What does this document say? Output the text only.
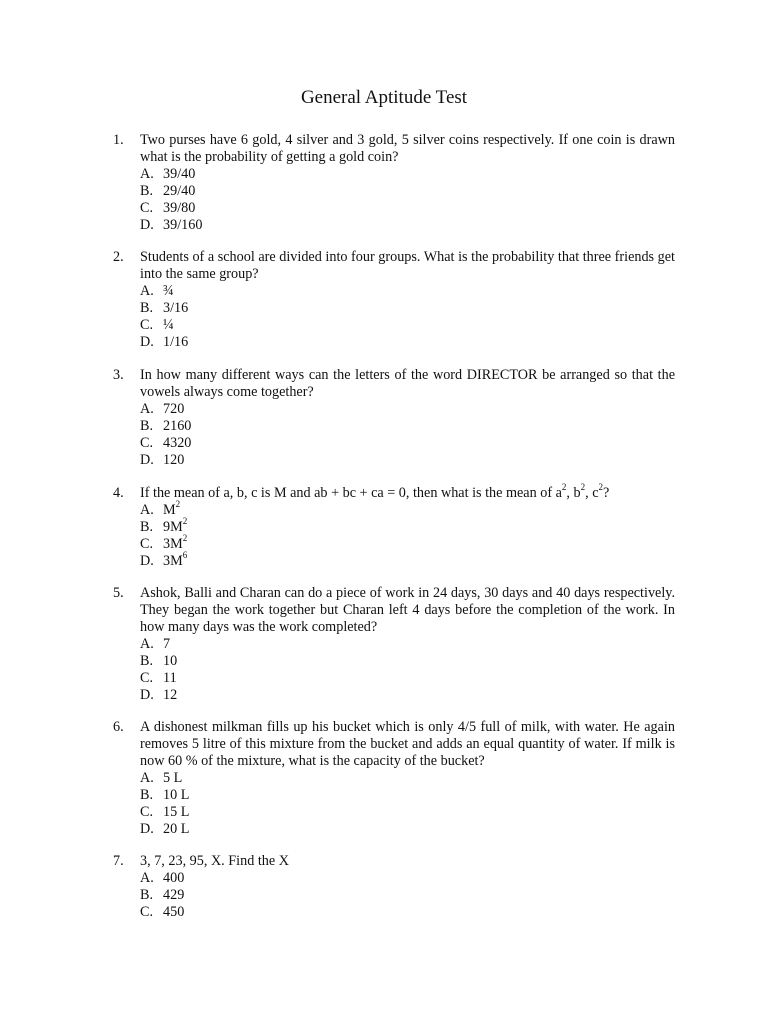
General Aptitude Test
1.	Two purses have 6 gold, 4 silver and 3 gold, 5 silver coins respectively. If one coin is drawn what is the probability of getting a gold coin?
A. 39/40
B. 29/40
C. 39/80
D. 39/160
2.	Students of a school are divided into four groups. What is the probability that three friends get into the same group?
A. ¾
B. 3/16
C. ¼
D. 1/16
3.	In how many different ways can the letters of the word DIRECTOR be arranged so that the vowels always come together?
A. 720
B. 2160
C. 4320
D. 120
4.	If the mean of a, b, c is M and ab + bc + ca = 0, then what is the mean of $a^2$, $b^2$, $c^2$?
A. $M^2$
B. $9M^2$
C. $3M^2$
D. $3M^6$
5.	Ashok, Balli and Charan can do a piece of work in 24 days, 30 days and 40 days respectively. They began the work together but Charan left 4 days before the completion of the work. In how many days was the work completed?
A. 7
B. 10
C. 11
D. 12
6.	A dishonest milkman fills up his bucket which is only 4/5 full of milk, with water. He again removes 5 litre of this mixture from the bucket and adds an equal quantity of water. If milk is now 60 % of the mixture, what is the capacity of the bucket?
A. 5 L
B. 10 L
C. 15 L
D. 20 L
7.	3, 7, 23, 95, X. Find the X
A. 400
B. 429
C. 450
